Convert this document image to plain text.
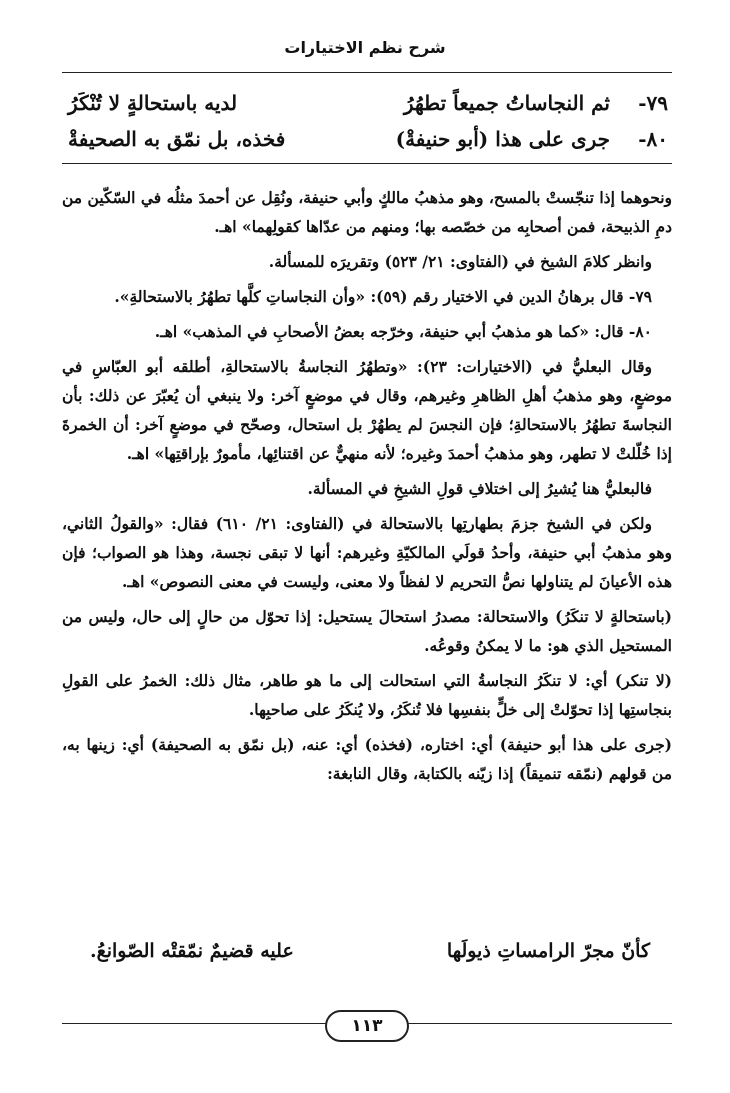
شرح نظم الاختيارات
٧٩-
ثم النجاساتُ جميعاً تطهُرُ
لديه باستحالةٍ لا تُنْكَرُ
٨٠-
جرى على هذا (أبو حنيفةْ)
فخذه، بل نمّق به الصحيفةْ

ونحوهما إذا تنجّستْ بالمسح، وهو مذهبُ مالكٍ وأبي حنيفة، ونُقِل عن أحمدَ مثلُه في السّكّين من دمِ الذبيحة، فمن أصحابِه من خصّصه بها؛ ومنهم من عدّاها كقولِهما» اهـ.

وانظر كلامَ الشيخ في (الفتاوى: ٢١/ ٥٢٣) وتقريرَه للمسألة.

٧٩- قال برهانُ الدين في الاختيار رقم (٥٩): «وأن النجاساتِ كلَّها تطهُرُ بالاستحالةِ».

٨٠- قال: «كما هو مذهبُ أبي حنيفة، وخرّجه بعضُ الأصحابِ في المذهب» اهـ.

وقال البعليُّ في (الاختيارات: ٢٣): «وتطهُرُ النجاسةُ بالاستحالةِ، أطلقه أبو العبّاسِ في موضعٍ، وهو مذهبُ أهلِ الظاهرِ وغيرهم، وقال في موضعٍ آخر: ولا ينبغي أن يُعبّرَ عن ذلك: بأن النجاسةَ تطهُرُ بالاستحالةِ؛ فإن النجسَ لم يطهُرْ بل استحال، وصحّح في موضعٍ آخر: أن الخمرةَ إذا خُلّلتْ لا تطهر، وهو مذهبُ أحمدَ وغيره؛ لأنه منهيٌّ عن اقتنائِها، مأمورٌ بإراقتِها» اهـ.

فالبعليُّ هنا يُشيرُ إلى اختلافِ قولِ الشيخِ في المسألة.

ولكن في الشيخ جزمَ بطهارتِها بالاستحالة في (الفتاوى: ٢١/ ٦١٠) فقال: «والقولُ الثاني، وهو مذهبُ أبي حنيفة، وأحدُ قولَي المالكيّةِ وغيرهم: أنها لا تبقى نجسة، وهذا هو الصواب؛ فإن هذه الأعيانَ لم يتناولها نصُّ التحريم لا لفظاً ولا معنى، وليست في معنى النصوص» اهـ.

(باستحالةٍ لا تنكَرُ) والاستحالة: مصدرُ استحالَ يستحيل: إذا تحوّل من حالٍ إلى حال، وليس من المستحيل الذي هو: ما لا يمكنُ وقوعُه.

(لا تنكر) أي: لا تنكَرُ النجاسةُ التي استحالت إلى ما هو طاهر، مثال ذلك: الخمرُ على القولِ بنجاستِها إذا تحوّلتْ إلى خلٍّ بنفسِها فلا تُنكَرُ، ولا يُنكَرُ على صاحبِها.

(جرى على هذا أبو حنيفة) أي: اختاره، (فخذه) أي: عنه، (بل نمّق به الصحيفة) أي: زينها به، من قولهم (نمّقه تنميقاً) إذا زيّنه بالكتابة، وقال النابغة:

كأنّ مجرّ الرامساتِ ذيولَها
عليه قضيمٌ نمّقتْه الصّوانعُ.
١١٣
